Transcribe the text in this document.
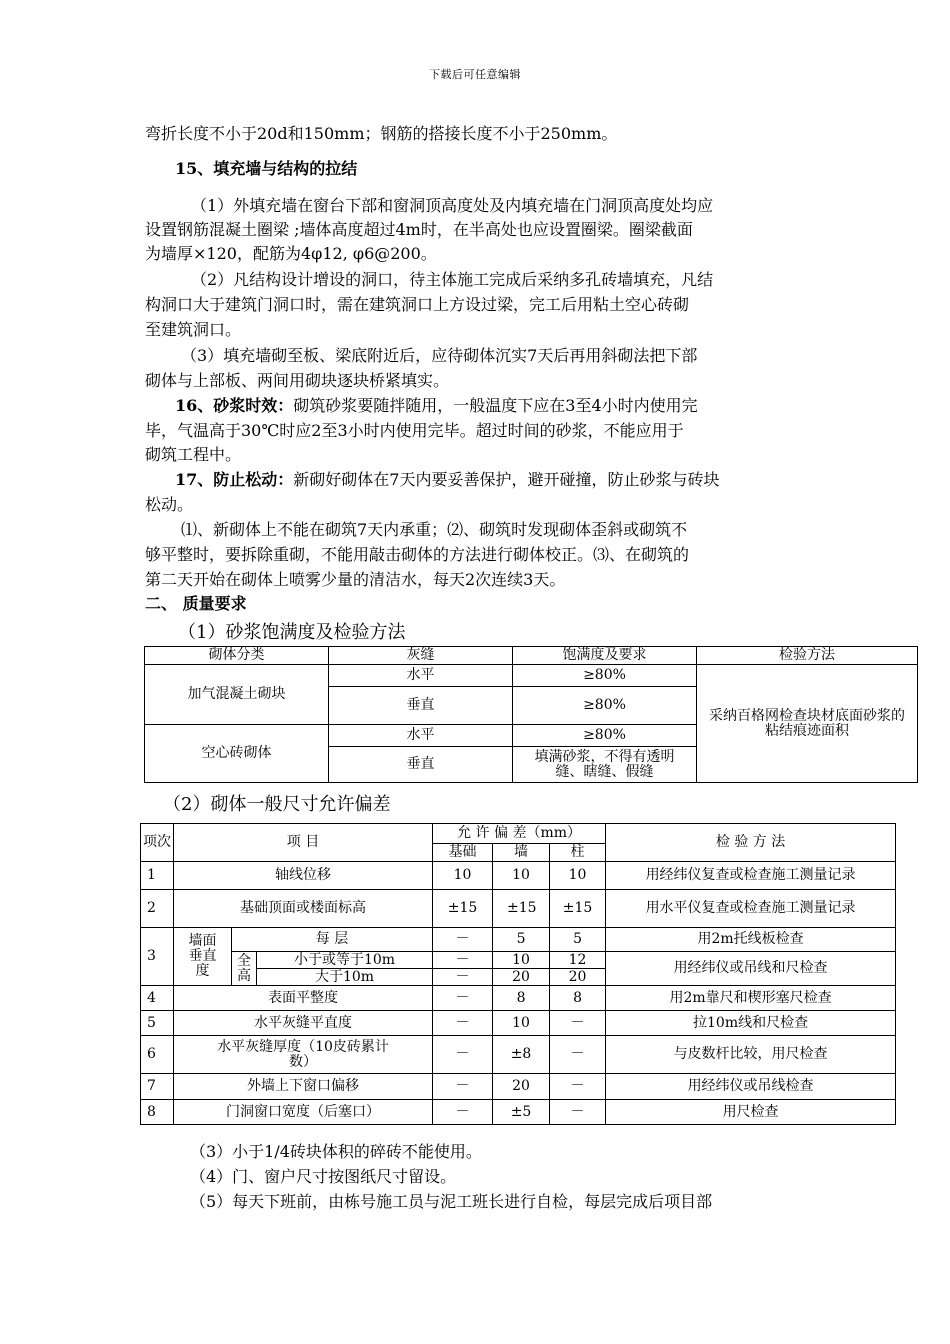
下载后可任意编辑
弯折长度不小于20d和150mm；钢筋的搭接长度不小于250mm。
15、填充墙与结构的拉结
（1）外填充墙在窗台下部和窗洞顶高度处及内填充墙在门洞顶高度处均应
设置钢筋混凝土圈梁 ;墙体高度超过4m时，在半高处也应设置圈梁。圈梁截面
为墙厚×120，配筋为4φ12, φ6@200。
（2）凡结构设计增设的洞口，待主体施工完成后采纳多孔砖墙填充，凡结
构洞口大于建筑门洞口时，需在建筑洞口上方设过梁，完工后用粘土空心砖砌
至建筑洞口。
（3）填充墙砌至板、梁底附近后，应待砌体沉实7天后再用斜砌法把下部
砌体与上部板、两间用砌块逐块桥紧填实。
16、砂浆时效：砌筑砂浆要随拌随用，一般温度下应在3至4小时内使用完
毕，气温高于30℃时应2至3小时内使用完毕。超过时间的砂浆，不能应用于
砌筑工程中。
17、防止松动：新砌好砌体在7天内要妥善保护，避开碰撞，防止砂浆与砖块
松动。
⑴、新砌体上不能在砌筑7天内承重；⑵、砌筑时发现砌体歪斜或砌筑不
够平整时，要拆除重砌，不能用敲击砌体的方法进行砌体校正。⑶、在砌筑的
第二天开始在砌体上喷雾少量的清洁水，每天2次连续3天。
二、 质量要求
（1）砂浆饱满度及检验方法
砌体分类	灰缝	饱满度及要求	检验方法
加气混凝土砌块	水平	≥80%	采纳百格网检查块材底面砂浆的粘结痕迹面积
	垂直	≥80%	
空心砖砌体	水平	≥80%	
	垂直	填满砂浆，不得有透明缝、瞎缝、假缝	
（2）砌体一般尺寸允许偏差
项次	项 目			允 许 偏 差（mm）			检 验 方 法
				基础	墙	柱	
1	轴线位移			10	10	10	用经纬仪复查或检查施工测量记录
2	基础顶面或楼面标高			±15	±15	±15	用水平仪复查或检查施工测量记录
3	墙面垂直度	每 层		－	5	5	用2m托线板检查
		全高	小于或等于10m	－	10	12	用经纬仪或吊线和尺检查
			大于10m	－	20	20	
4	表面平整度			－	8	8	用2m靠尺和楔形塞尺检查
5	水平灰缝平直度			－	10	－	拉10m线和尺检查
6	水平灰缝厚度（10皮砖累计数）			－	±8	－	与皮数杆比较，用尺检查
7	外墙上下窗口偏移			－	20	－	用经纬仪或吊线检查
8	门洞窗口宽度（后塞口）			－	±5	－	用尺检查
（3）小于1/4砖块体积的碎砖不能使用。
（4）门、窗户尺寸按图纸尺寸留设。
（5）每天下班前，由栋号施工员与泥工班长进行自检，每层完成后项目部
